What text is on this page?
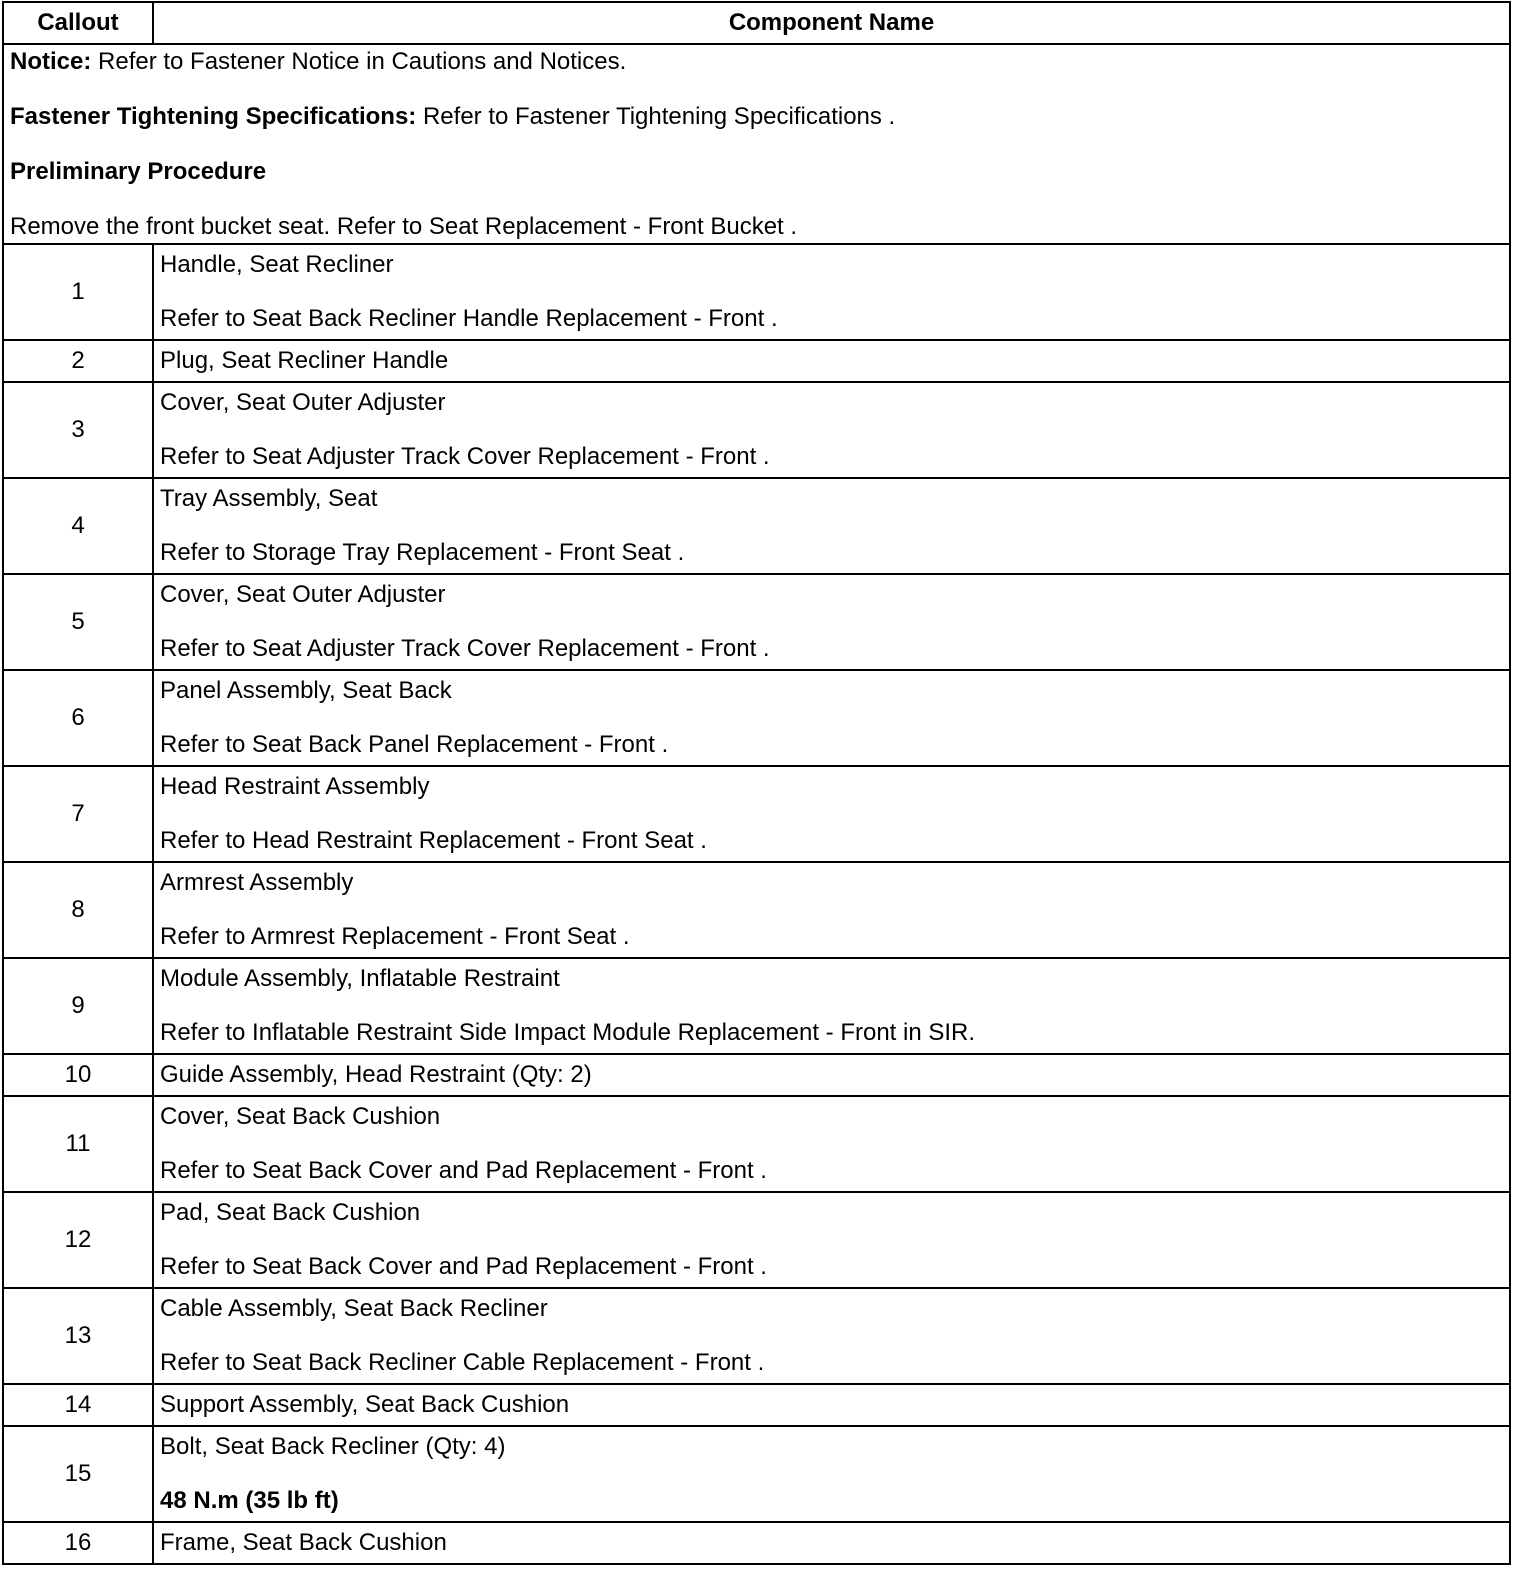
Callout	Component Name

Notice: Refer to Fastener Notice in Cautions and Notices.

Fastener Tightening Specifications: Refer to Fastener Tightening Specifications .

Preliminary Procedure

Remove the front bucket seat. Refer to Seat Replacement - Front Bucket .	

1	Handle, Seat Recliner

Refer to Seat Back Recliner Handle Replacement - Front .

2	Plug, Seat Recliner Handle

3	Cover, Seat Outer Adjuster

Refer to Seat Adjuster Track Cover Replacement - Front .

4	Tray Assembly, Seat

Refer to Storage Tray Replacement - Front Seat .

5	Cover, Seat Outer Adjuster

Refer to Seat Adjuster Track Cover Replacement - Front .

6	Panel Assembly, Seat Back

Refer to Seat Back Panel Replacement - Front .

7	Head Restraint Assembly

Refer to Head Restraint Replacement - Front Seat .

8	Armrest Assembly

Refer to Armrest Replacement - Front Seat .

9	Module Assembly, Inflatable Restraint

Refer to Inflatable Restraint Side Impact Module Replacement - Front in SIR.

10	Guide Assembly, Head Restraint (Qty: 2)

11	Cover, Seat Back Cushion

Refer to Seat Back Cover and Pad Replacement - Front .

12	Pad, Seat Back Cushion

Refer to Seat Back Cover and Pad Replacement - Front .

13	Cable Assembly, Seat Back Recliner

Refer to Seat Back Recliner Cable Replacement - Front .

14	Support Assembly, Seat Back Cushion

15	Bolt, Seat Back Recliner (Qty: 4)

48 N.m (35 lb ft)

16	Frame, Seat Back Cushion
